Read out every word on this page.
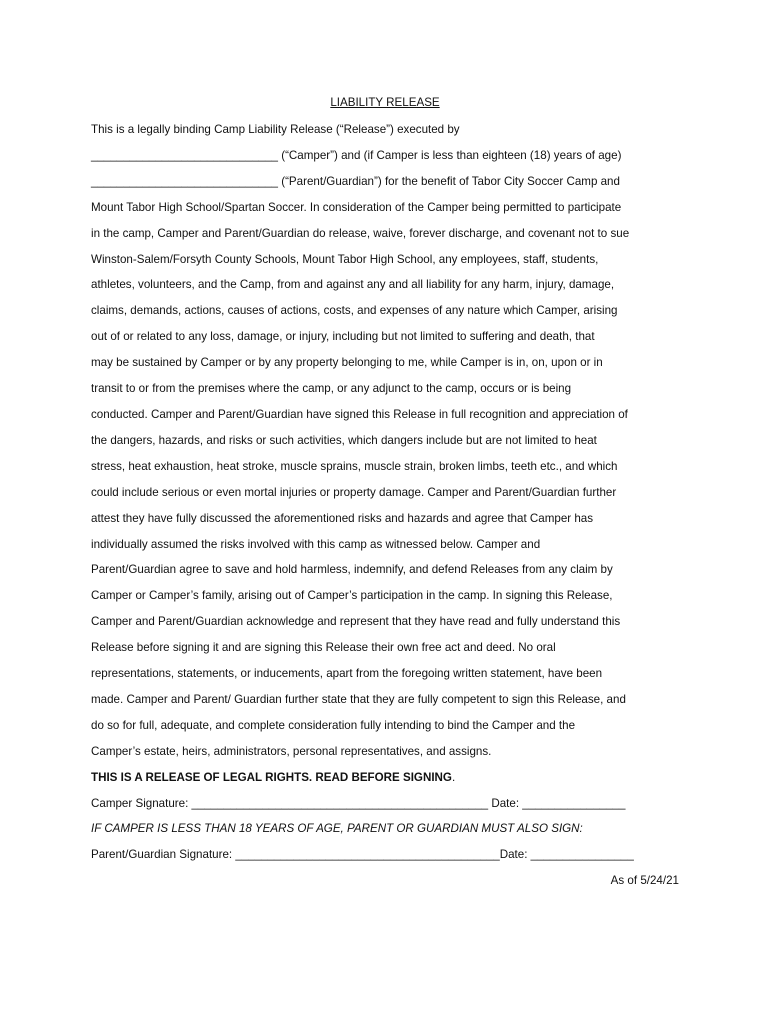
LIABILITY RELEASE
This is a legally binding Camp Liability Release (“Release”) executed by
_____________________________ (“Camper”) and (if Camper is less than eighteen (18) years of age)
_____________________________ (“Parent/Guardian”) for the benefit of Tabor City Soccer Camp and
Mount Tabor High School/Spartan Soccer. In consideration of the Camper being permitted to participate
in the camp, Camper and Parent/Guardian do release, waive, forever discharge, and covenant not to sue
Winston-Salem/Forsyth County Schools, Mount Tabor High School, any employees, staff, students,
athletes, volunteers, and the Camp, from and against any and all liability for any harm, injury, damage,
claims, demands, actions, causes of actions, costs, and expenses of any nature which Camper, arising
out of or related to any loss, damage, or injury, including but not limited to suffering and death, that
may be sustained by Camper or by any property belonging to me, while Camper is in, on, upon or in
transit to or from the premises where the camp, or any adjunct to the camp, occurs or is being
conducted. Camper and Parent/Guardian have signed this Release in full recognition and appreciation of
the dangers, hazards, and risks or such activities, which dangers include but are not limited to heat
stress, heat exhaustion, heat stroke, muscle sprains, muscle strain, broken limbs, teeth etc., and which
could include serious or even mortal injuries or property damage. Camper and Parent/Guardian further
attest they have fully discussed the aforementioned risks and hazards and agree that Camper has
individually assumed the risks involved with this camp as witnessed below. Camper and
Parent/Guardian agree to save and hold harmless, indemnify, and defend Releases from any claim by
Camper or Camper’s family, arising out of Camper’s participation in the camp. In signing this Release,
Camper and Parent/Guardian acknowledge and represent that they have read and fully understand this
Release before signing it and are signing this Release their own free act and deed. No oral
representations, statements, or inducements, apart from the foregoing written statement, have been
made. Camper and Parent/ Guardian further state that they are fully competent to sign this Release, and
do so for full, adequate, and complete consideration fully intending to bind the Camper and the
Camper’s estate, heirs, administrators, personal representatives, and assigns.
THIS IS A RELEASE OF LEGAL RIGHTS. READ BEFORE SIGNING.
Camper Signature: ______________________________________________ Date: ________________
IF CAMPER IS LESS THAN 18 YEARS OF AGE, PARENT OR GUARDIAN MUST ALSO SIGN:
Parent/Guardian Signature: _________________________________________Date: ________________
As of 5/24/21
